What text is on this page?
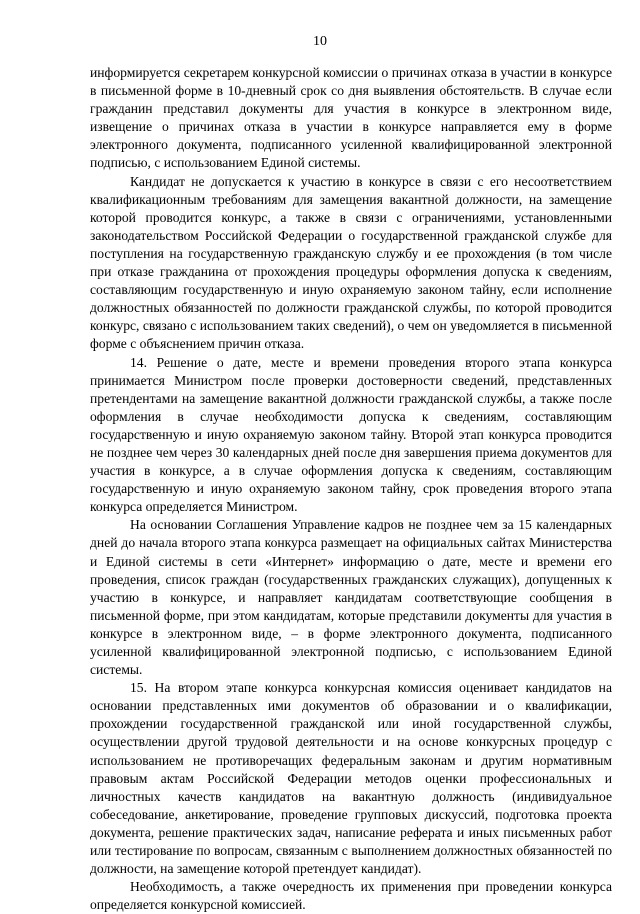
10

информируется секретарем конкурсной комиссии о причинах отказа в участии в конкурсе в письменной форме в 10-дневный срок со дня выявления обстоятельств. В случае если гражданин представил документы для участия в конкурсе в электронном виде, извещение о причинах отказа в участии в конкурсе направляется ему в форме электронного документа, подписанного усиленной квалифицированной электронной подписью, с использованием Единой системы.

Кандидат не допускается к участию в конкурсе в связи с его несоответствием квалификационным требованиям для замещения вакантной должности, на замещение которой проводится конкурс, а также в связи с ограничениями, установленными законодательством Российской Федерации о государственной гражданской службе для поступления на государственную гражданскую службу и ее прохождения (в том числе при отказе гражданина от прохождения процедуры оформления допуска к сведениям, составляющим государственную и иную охраняемую законом тайну, если исполнение должностных обязанностей по должности гражданской службы, по которой проводится конкурс, связано с использованием таких сведений), о чем он уведомляется в письменной форме с объяснением причин отказа.

14. Решение о дате, месте и времени проведения второго этапа конкурса принимается Министром после проверки достоверности сведений, представленных претендентами на замещение вакантной должности гражданской службы, а также после оформления в случае необходимости допуска к сведениям, составляющим государственную и иную охраняемую законом тайну. Второй этап конкурса проводится не позднее чем через 30 календарных дней после дня завершения приема документов для участия в конкурсе, а в случае оформления допуска к сведениям, составляющим государственную и иную охраняемую законом тайну, срок проведения второго этапа конкурса определяется Министром.

На основании Соглашения Управление кадров не позднее чем за 15 календарных дней до начала второго этапа конкурса размещает на официальных сайтах Министерства и Единой системы в сети «Интернет» информацию о дате, месте и времени его проведения, список граждан (государственных гражданских служащих), допущенных к участию в конкурсе, и направляет кандидатам соответствующие сообщения в письменной форме, при этом кандидатам, которые представили документы для участия в конкурсе в электронном виде, – в форме электронного документа, подписанного усиленной квалифицированной электронной подписью, с использованием Единой системы.

15. На втором этапе конкурса конкурсная комиссия оценивает кандидатов на основании представленных ими документов об образовании и о квалификации, прохождении государственной гражданской или иной государственной службы, осуществлении другой трудовой деятельности и на основе конкурсных процедур с использованием не противоречащих федеральным законам и другим нормативным правовым актам Российской Федерации методов оценки профессиональных и личностных качеств кандидатов на вакантную должность (индивидуальное собеседование, анкетирование, проведение групповых дискуссий, подготовка проекта документа, решение практических задач, написание реферата и иных письменных работ или тестирование по вопросам, связанным с выполнением должностных обязанностей по должности, на замещение которой претендует кандидат).

Необходимость, а также очередность их применения при проведении конкурса определяется конкурсной комиссией.
